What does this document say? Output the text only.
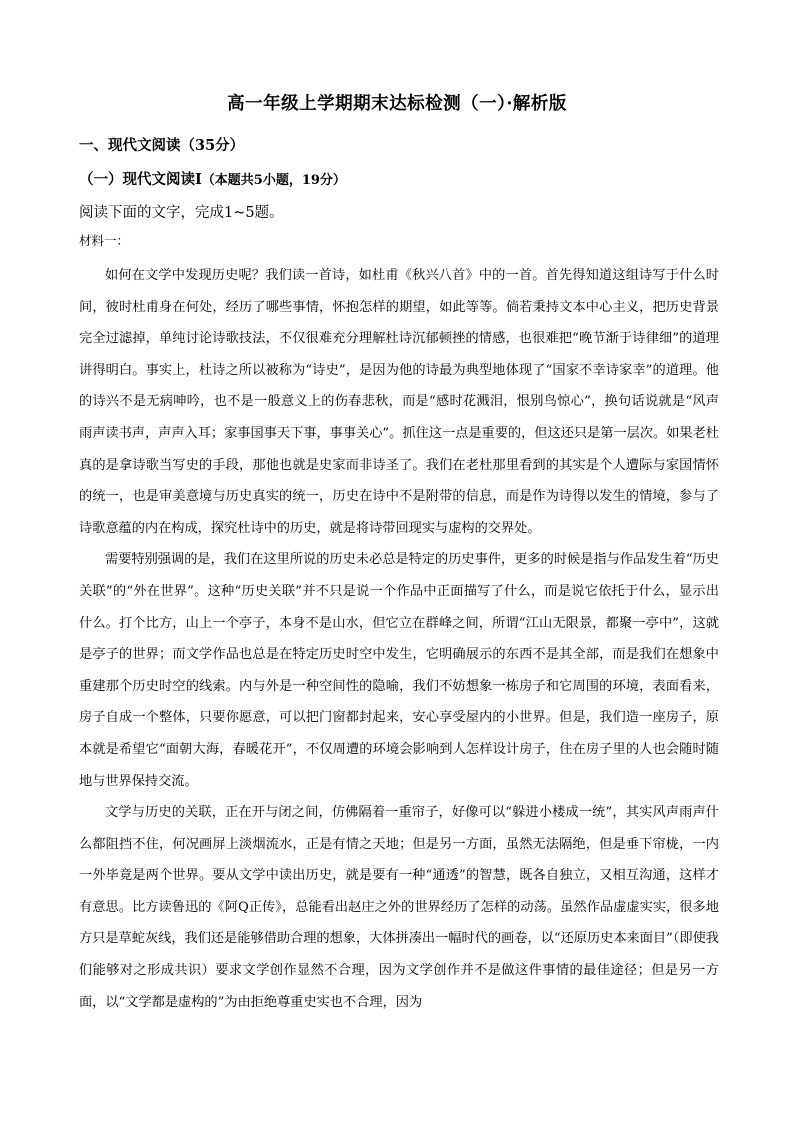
高一年级上学期期末达标检测（一）·解析版
一、现代文阅读（35分）
（一）现代文阅读Ⅰ（本题共5小题，19分）
阅读下面的文字，完成1~5题。
材料一：

如何在文学中发现历史呢？我们读一首诗，如杜甫《秋兴八首》中的一首。首先得知道这组诗写于什么时间，彼时杜甫身在何处，经历了哪些事情，怀抱怎样的期望，如此等等。倘若秉持文本中心主义，把历史背景完全过滤掉，单纯讨论诗歌技法，不仅很难充分理解杜诗沉郁顿挫的情感，也很难把“晚节渐于诗律细”的道理讲得明白。事实上，杜诗之所以被称为“诗史”，是因为他的诗最为典型地体现了“国家不幸诗家幸”的道理。他的诗兴不是无病呻吟，也不是一般意义上的伤春悲秋，而是“感时花溅泪，恨别鸟惊心”，换句话说就是“风声雨声读书声，声声入耳；家事国事天下事，事事关心”。抓住这一点是重要的，但这还只是第一层次。如果老杜真的是拿诗歌当写史的手段，那他也就是史家而非诗圣了。我们在老杜那里看到的其实是个人遭际与家国情怀的统一，也是审美意境与历史真实的统一，历史在诗中不是附带的信息，而是作为诗得以发生的情境，参与了诗歌意蕴的内在构成，探究杜诗中的历史，就是将诗带回现实与虚构的交界处。

需要特别强调的是，我们在这里所说的历史未必总是特定的历史事件，更多的时候是指与作品发生着“历史关联”的“外在世界”。这种“历史关联”并不只是说一个作品中正面描写了什么，而是说它依托于什么，显示出什么。打个比方，山上一个亭子，本身不是山水，但它立在群峰之间，所谓“江山无限景，都聚一亭中”，这就是亭子的世界；而文学作品也总是在特定历史时空中发生，它明确展示的东西不是其全部，而是我们在想象中重建那个历史时空的线索。内与外是一种空间性的隐喻，我们不妨想象一栋房子和它周围的环境，表面看来，房子自成一个整体，只要你愿意，可以把门窗都封起来，安心享受屋内的小世界。但是，我们造一座房子，原本就是希望它“面朝大海，春暖花开”，不仅周遭的环境会影响到人怎样设计房子，住在房子里的人也会随时随地与世界保持交流。

文学与历史的关联，正在开与闭之间，仿佛隔着一重帘子，好像可以“躲进小楼成一统”，其实风声雨声什么都阻挡不住，何况画屏上淡烟流水，正是有情之天地；但是另一方面，虽然无法隔绝，但是垂下帘栊，一内一外毕竟是两个世界。要从文学中读出历史，就是要有一种“通透”的智慧，既各自独立，又相互沟通，这样才有意思。比方读鲁迅的《阿Q正传》，总能看出赵庄之外的世界经历了怎样的动荡。虽然作品虚虚实实，很多地方只是草蛇灰线，我们还是能够借助合理的想象，大体拼凑出一幅时代的画卷，以“还原历史本来面目”（即使我们能够对之形成共识）要求文学创作显然不合理，因为文学创作并不是做这件事情的最佳途径；但是另一方面，以“文学都是虚构的”为由拒绝尊重史实也不合理，因为
